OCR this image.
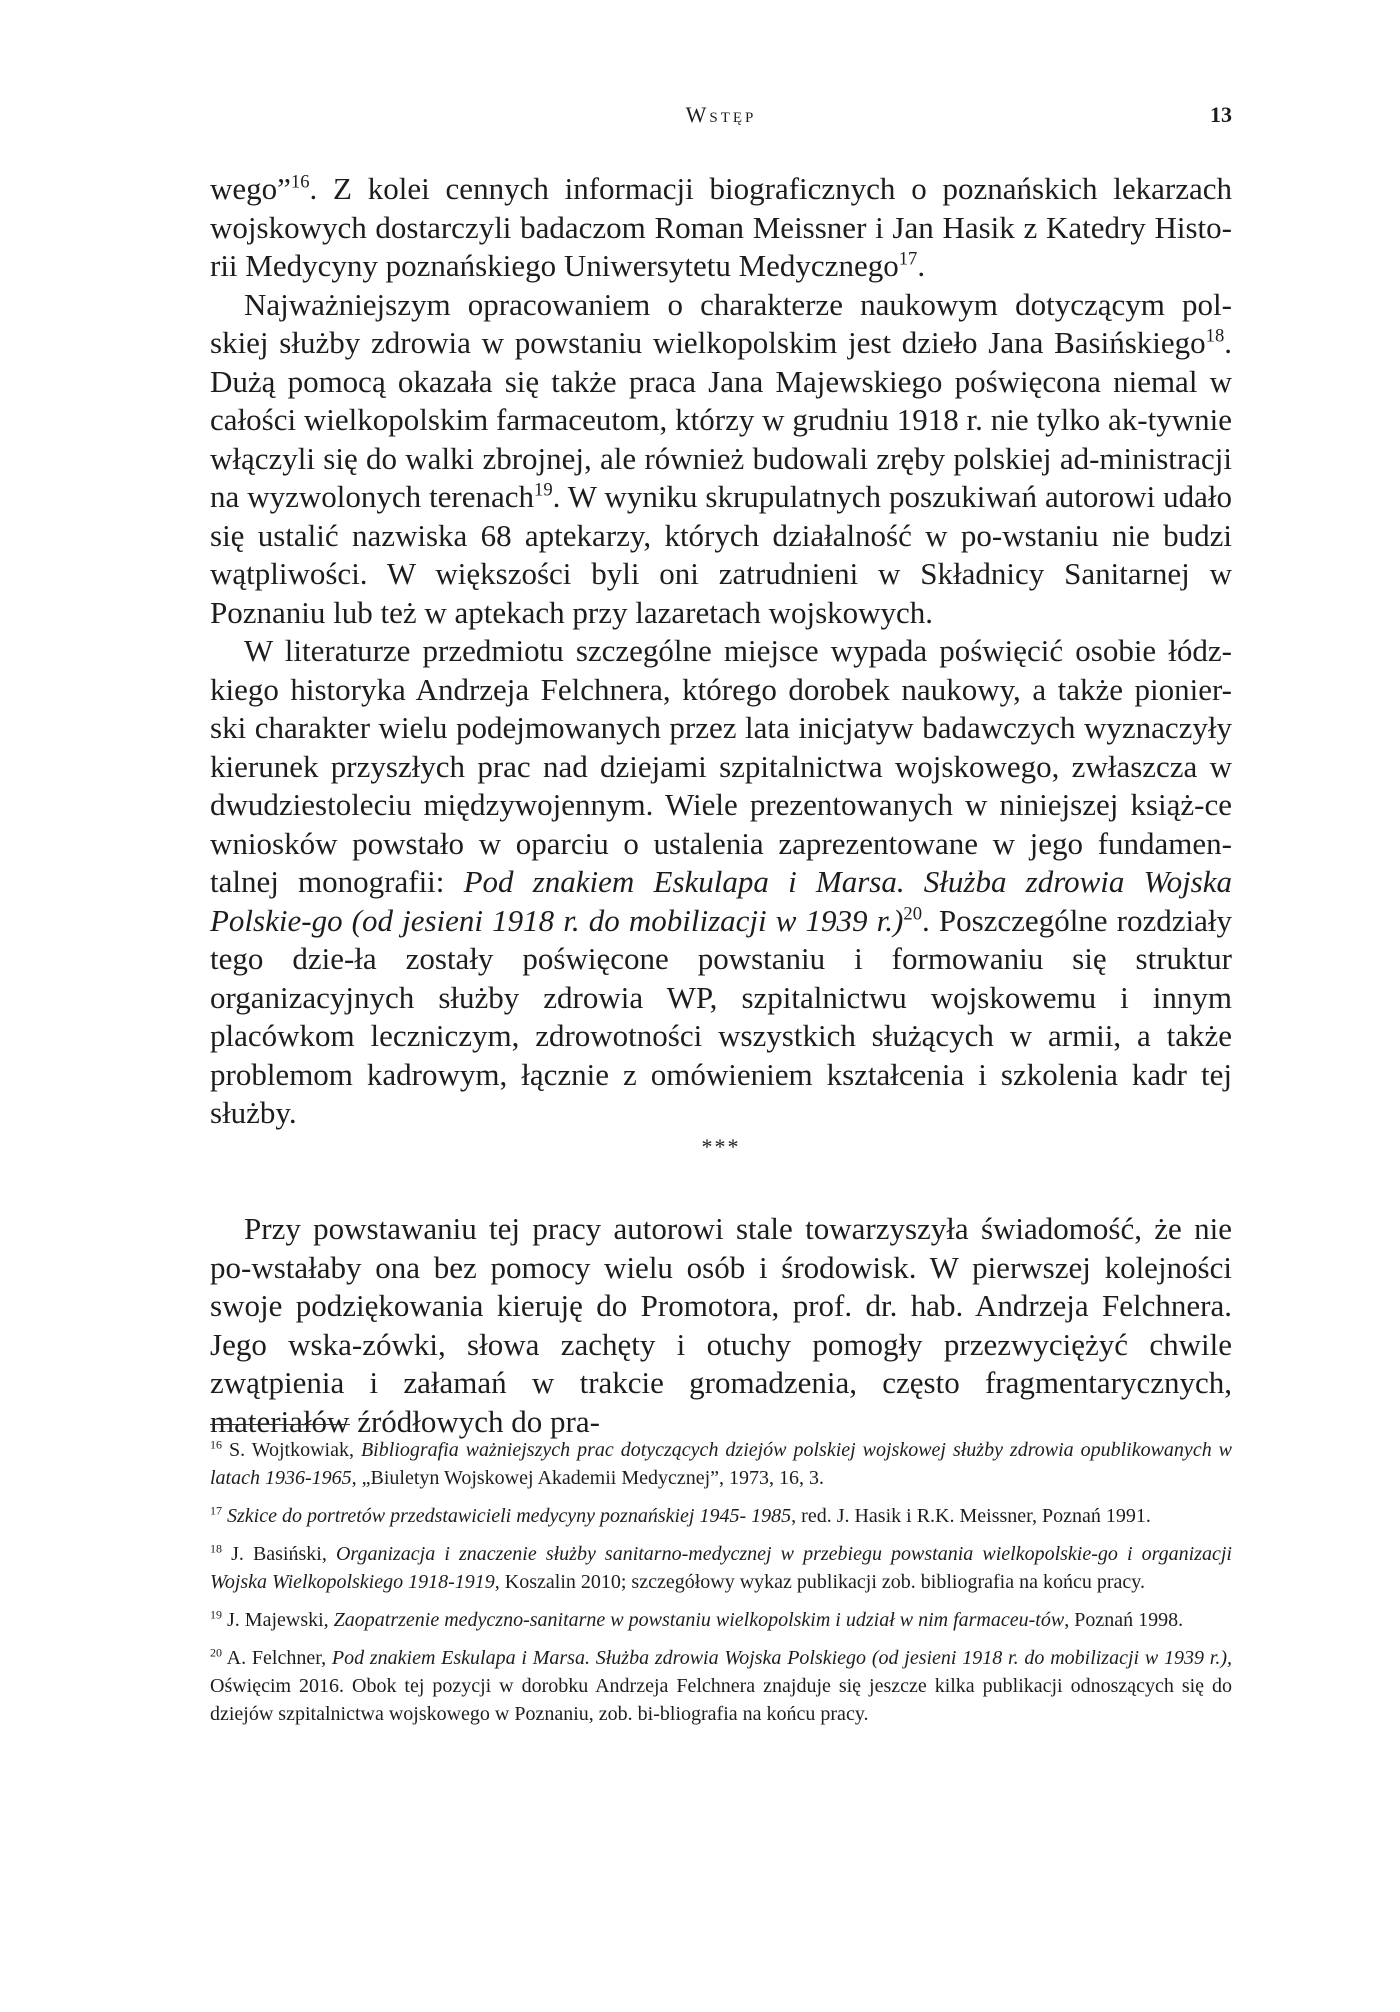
Wstęp	13

wego”$^{16}$. Z kolei cennych informacji biograficznych o poznańskich lekarzach wojskowych dostarczyli badaczom Roman Meissner i Jan Hasik z Katedry Histo-rii Medycyny poznańskiego Uniwersytetu Medycznego$^{17}$.

Najważniejszym opracowaniem o charakterze naukowym dotyczącym pol-skiej służby zdrowia w powstaniu wielkopolskim jest dzieło Jana Basińskiego$^{18}$. Dużą pomocą okazała się także praca Jana Majewskiego poświęcona niemal w całości wielkopolskim farmaceutom, którzy w grudniu 1918 r. nie tylko ak-tywnie włączyli się do walki zbrojnej, ale również budowali zręby polskiej ad-ministracji na wyzwolonych terenach$^{19}$. W wyniku skrupulatnych poszukiwań autorowi udało się ustalić nazwiska 68 aptekarzy, których działalność w po-wstaniu nie budzi wątpliwości. W większości byli oni zatrudnieni w Składnicy Sanitarnej w Poznaniu lub też w aptekach przy lazaretach wojskowych.

W literaturze przedmiotu szczególne miejsce wypada poświęcić osobie łódz-kiego historyka Andrzeja Felchnera, którego dorobek naukowy, a także pionier-ski charakter wielu podejmowanych przez lata inicjatyw badawczych wyznaczyły kierunek przyszłych prac nad dziejami szpitalnictwa wojskowego, zwłaszcza w dwudziestoleciu międzywojennym. Wiele prezentowanych w niniejszej książ-ce wniosków powstało w oparciu o ustalenia zaprezentowane w jego fundamen-talnej monografii: Pod znakiem Eskulapa i Marsa. Służba zdrowia Wojska Polskie-go (od jesieni 1918 r. do mobilizacji w 1939 r.)$^{20}$. Poszczególne rozdziały tego dzie-ła zostały poświęcone powstaniu i formowaniu się struktur organizacyjnych służby zdrowia WP, szpitalnictwu wojskowemu i innym placówkom leczniczym, zdrowotności wszystkich służących w armii, a także problemom kadrowym, łącznie z omówieniem kształcenia i szkolenia kadr tej służby.

***

Przy powstawaniu tej pracy autorowi stale towarzyszyła świadomość, że nie po-wstałaby ona bez pomocy wielu osób i środowisk. W pierwszej kolejności swoje podziękowania kieruję do Promotora, prof. dr. hab. Andrzeja Felchnera. Jego wska-zówki, słowa zachęty i otuchy pomogły przezwyciężyć chwile zwątpienia i załamań w trakcie gromadzenia, często fragmentarycznych, materiałów źródłowych do pra-

$^{16}$ S. Wojtkowiak, Bibliografia ważniejszych prac dotyczących dziejów polskiej wojskowej służby zdrowia opublikowanych w latach 1936-1965, „Biuletyn Wojskowej Akademii Medycznej”, 1973, 16, 3.

$^{17}$ Szkice do portretów przedstawicieli medycyny poznańskiej 1945- 1985, red. J. Hasik i R.K. Meissner, Poznań 1991.

$^{18}$ J. Basiński, Organizacja i znaczenie służby sanitarno-medycznej w przebiegu powstania wielkopolskie-go i organizacji Wojska Wielkopolskiego 1918-1919, Koszalin 2010; szczegółowy wykaz publikacji zob. bibliografia na końcu pracy.

$^{19}$ J. Majewski, Zaopatrzenie medyczno-sanitarne w powstaniu wielkopolskim i udział w nim farmaceu-tów, Poznań 1998.

$^{20}$ A. Felchner, Pod znakiem Eskulapa i Marsa. Służba zdrowia Wojska Polskiego (od jesieni 1918 r. do mobilizacji w 1939 r.), Oświęcim 2016. Obok tej pozycji w dorobku Andrzeja Felchnera znajduje się jeszcze kilka publikacji odnoszących się do dziejów szpitalnictwa wojskowego w Poznaniu, zob. bi-bliografia na końcu pracy.
